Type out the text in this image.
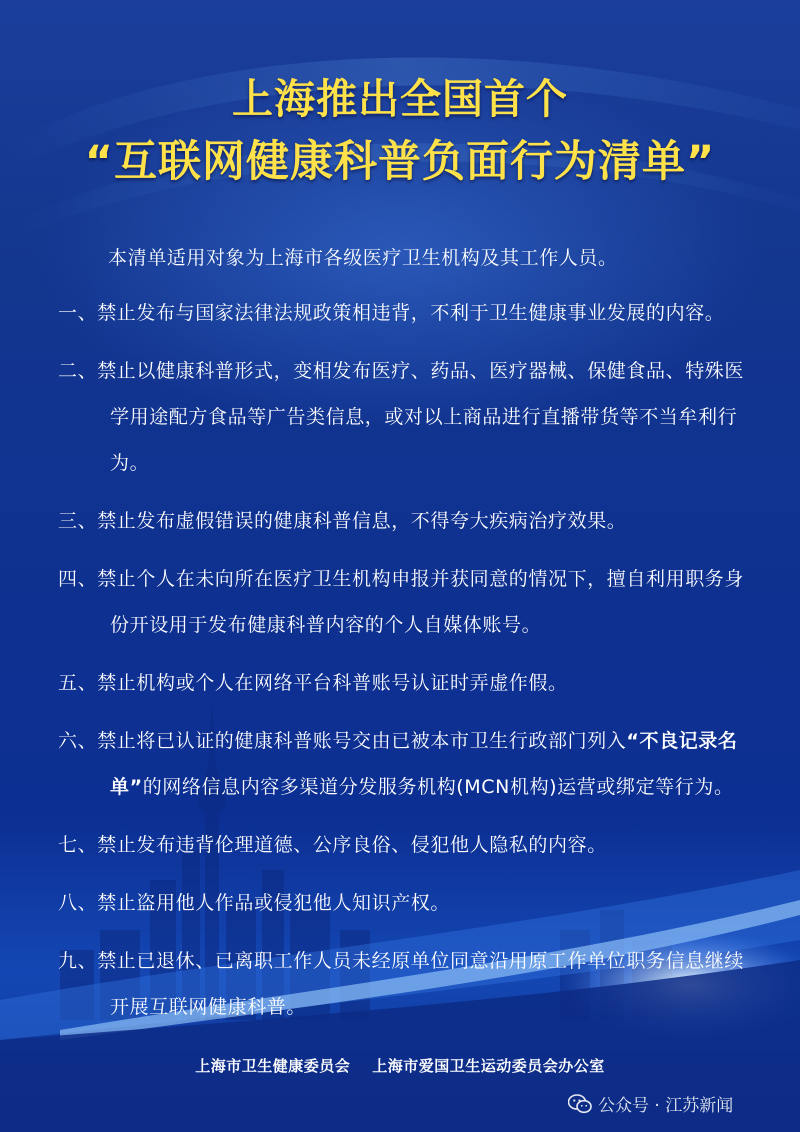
上海推出全国首个
“互联网健康科普负面行为清单”

本清单适用对象为上海市各级医疗卫生机构及其工作人员。

一、禁止发布与国家法律法规政策相违背，不利于卫生健康事业发展的内容。

二、禁止以健康科普形式，变相发布医疗、药品、医疗器械、保健食品、特殊医学用途配方食品等广告类信息，或对以上商品进行直播带货等不当牟利行为。

三、禁止发布虚假错误的健康科普信息，不得夸大疾病治疗效果。

四、禁止个人在未向所在医疗卫生机构申报并获同意的情况下，擅自利用职务身份开设用于发布健康科普内容的个人自媒体账号。

五、禁止机构或个人在网络平台科普账号认证时弄虚作假。

六、禁止将已认证的健康科普账号交由已被本市卫生行政部门列入“不良记录名单”的网络信息内容多渠道分发服务机构(MCN机构)运营或绑定等行为。

七、禁止发布违背伦理道德、公序良俗、侵犯他人隐私的内容。

八、禁止盗用他人作品或侵犯他人知识产权。

九、禁止已退休、已离职工作人员未经原单位同意沿用原工作单位职务信息继续开展互联网健康科普。

上海市卫生健康委员会 上海市爱国卫生运动委员会办公室
公众号 · 江苏新闻
